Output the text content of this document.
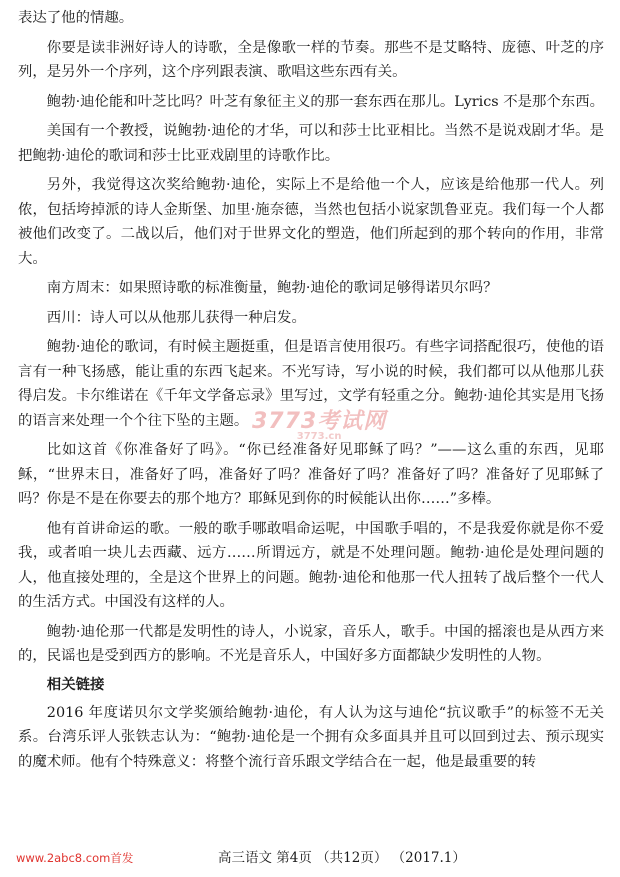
表达了他的情趣。

你要是读非洲好诗人的诗歌，全是像歌一样的节奏。那些不是艾略特、庞德、叶芝的序列，是另外一个序列，这个序列跟表演、歌唱这些东西有关。

鲍勃·迪伦能和叶芝比吗？叶芝有象征主义的那一套东西在那儿。Lyrics 不是那个东西。

美国有一个教授，说鲍勃·迪伦的才华，可以和莎士比亚相比。当然不是说戏剧才华。是把鲍勃·迪伦的歌词和莎士比亚戏剧里的诗歌作比。

另外，我觉得这次奖给鲍勃·迪伦，实际上不是给他一个人，应该是给他那一代人。列侬，包括垮掉派的诗人金斯堡、加里·施奈德，当然也包括小说家凯鲁亚克。我们每一个人都被他们改变了。二战以后，他们对于世界文化的塑造，他们所起到的那个转向的作用，非常大。

南方周末：如果照诗歌的标准衡量，鲍勃·迪伦的歌词足够得诺贝尔吗？

西川：诗人可以从他那儿获得一种启发。

鲍勃·迪伦的歌词，有时候主题挺重，但是语言使用很巧。有些字词搭配很巧，使他的语言有一种飞扬感，能让重的东西飞起来。不光写诗，写小说的时候，我们都可以从他那儿获得启发。卡尔维诺在《千年文学备忘录》里写过，文学有轻重之分。鲍勃·迪伦其实是用飞扬的语言来处理一个个往下坠的主题。

比如这首《你准备好了吗》。“你已经准备好见耶稣了吗？”——这么重的东西，见耶稣，“世界末日，准备好了吗，准备好了吗？准备好了吗？准备好了吗？准备好了见耶稣了吗？你是不是在你要去的那个地方？耶稣见到你的时候能认出你……”多棒。

他有首讲命运的歌。一般的歌手哪敢唱命运呢，中国歌手唱的，不是我爱你就是你不爱我，或者咱一块儿去西藏、远方……所谓远方，就是不处理问题。鲍勃·迪伦是处理问题的人，他直接处理的，全是这个世界上的问题。鲍勃·迪伦和他那一代人扭转了战后整个一代人的生活方式。中国没有这样的人。

鲍勃·迪伦那一代都是发明性的诗人，小说家，音乐人，歌手。中国的摇滚也是从西方来的，民谣也是受到西方的影响。不光是音乐人，中国好多方面都缺少发明性的人物。

相关链接

2016 年度诺贝尔文学奖颁给鲍勃·迪伦，有人认为这与迪伦“抗议歌手”的标签不无关系。台湾乐评人张铁志认为：“鲍勃·迪伦是一个拥有众多面具并且可以回到过去、预示现实的魔术师。他有个特殊意义：将整个流行音乐跟文学结合在一起，他是最重要的转

3773考试网
3773.cn
www.2abc8.com首发	高三语文 第4页 （共12页） （2017.1）
